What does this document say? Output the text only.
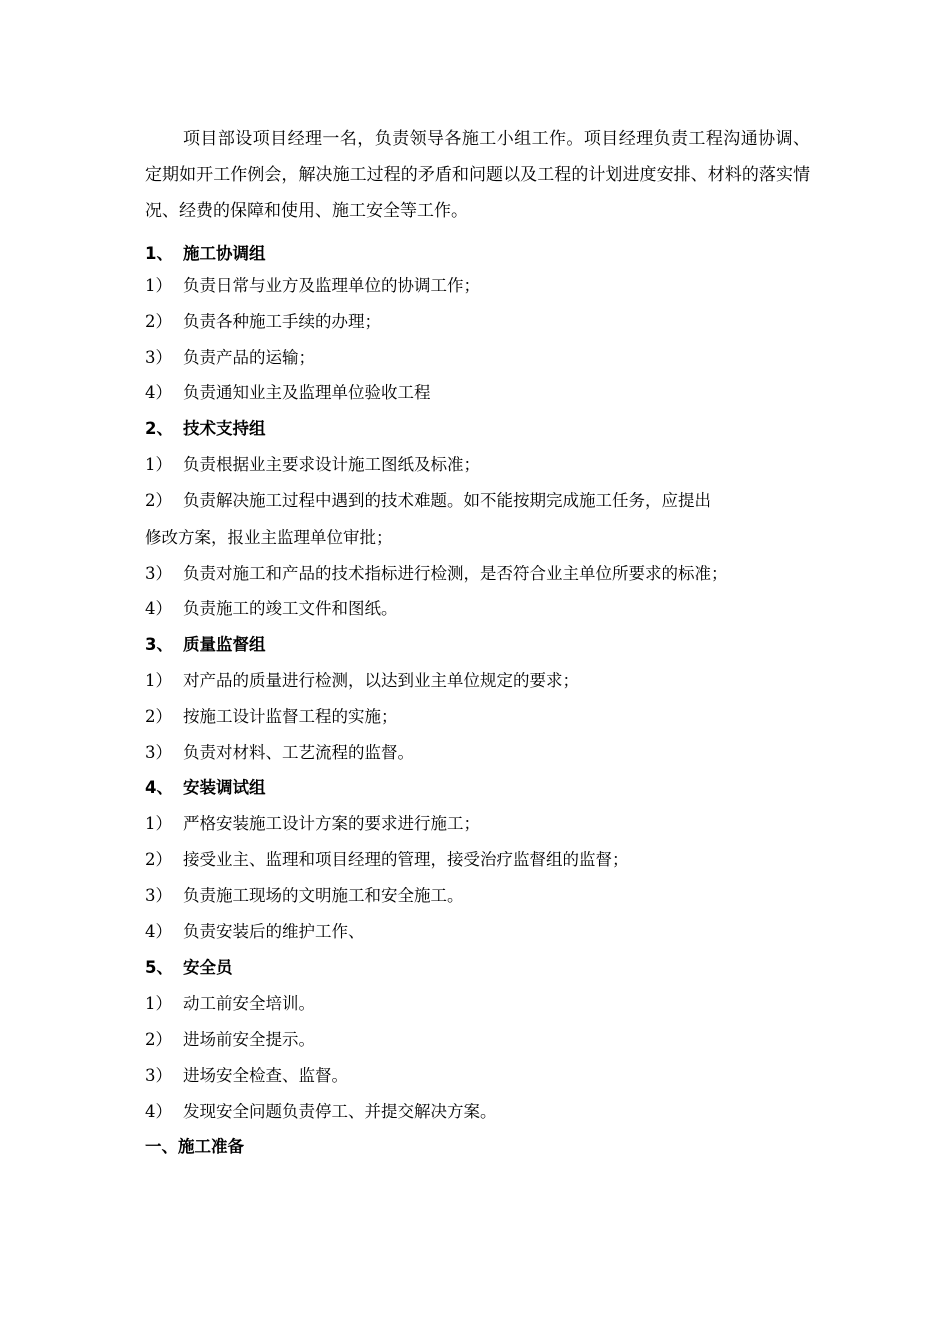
项目部设项目经理一名，负责领导各施工小组工作。项目经理负责工程沟通协调、定期如开工作例会，解决施工过程的矛盾和问题以及工程的计划进度安排、材料的落实情况、经费的保障和使用、施工安全等工作。

1、 施工协调组
1） 负责日常与业方及监理单位的协调工作；
2） 负责各种施工手续的办理；
3） 负责产品的运输；
4） 负责通知业主及监理单位验收工程
2、 技术支持组
1） 负责根据业主要求设计施工图纸及标准；
2） 负责解决施工过程中遇到的技术难题。如不能按期完成施工任务，应提出
修改方案，报业主监理单位审批；
3） 负责对施工和产品的技术指标进行检测，是否符合业主单位所要求的标准；
4） 负责施工的竣工文件和图纸。
3、 质量监督组
1） 对产品的质量进行检测，以达到业主单位规定的要求；
2） 按施工设计监督工程的实施；
3） 负责对材料、工艺流程的监督。
4、 安装调试组
1） 严格安装施工设计方案的要求进行施工；
2） 接受业主、监理和项目经理的管理，接受治疗监督组的监督；
3） 负责施工现场的文明施工和安全施工。
4） 负责安装后的维护工作、
5、 安全员
1） 动工前安全培训。
2） 进场前安全提示。
3） 进场安全检查、监督。
4） 发现安全问题负责停工、并提交解决方案。
一、施工准备
